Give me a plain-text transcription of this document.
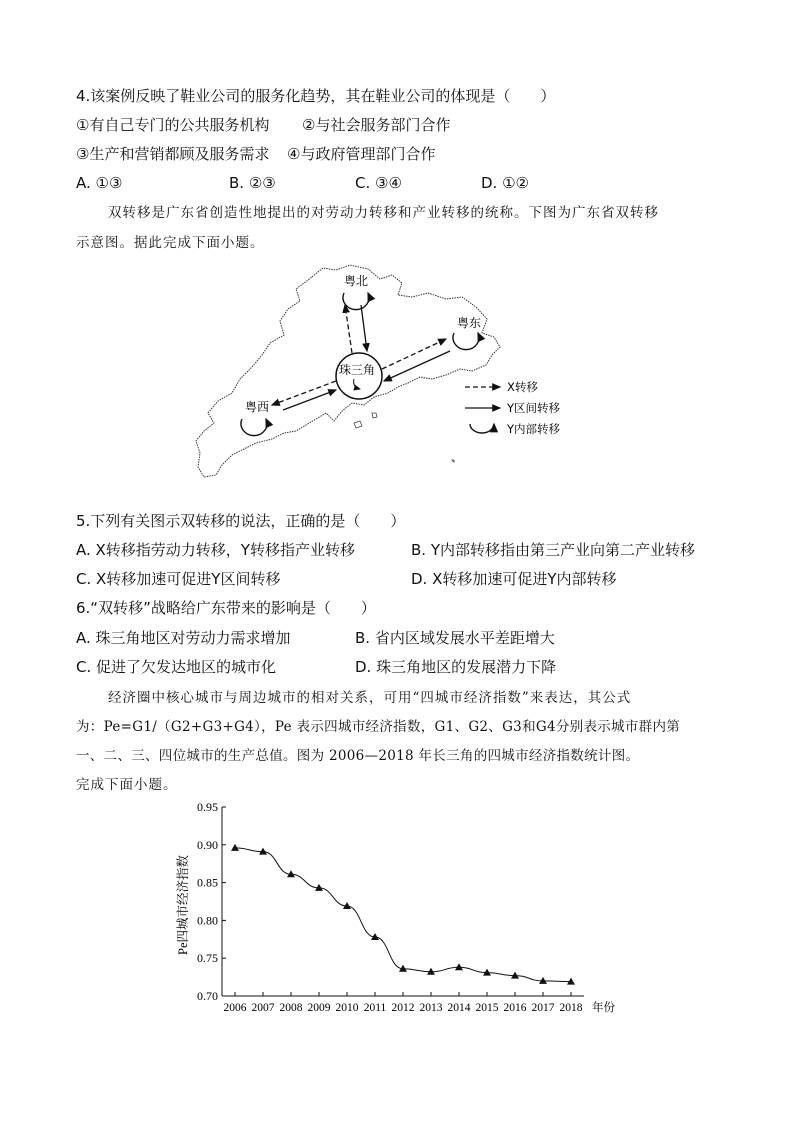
4.该案例反映了鞋业公司的服务化趋势，其在鞋业公司的体现是（　　）
①有自己专门的公共服务机构 ②与社会服务部门合作
③生产和营销都顾及服务需求 ④与政府管理部门合作
A. ①③	B. ②③	C. ③④	D. ①②
双转移是广东省创造性地提出的对劳动力转移和产业转移的统称。下图为广东省双转移
示意图。据此完成下面小题。
粤北
粤东
珠三角
粤西
X转移
Y区间转移
Y内部转移
5.下列有关图示双转移的说法，正确的是（　　）
A. X转移指劳动力转移，Y转移指产业转移	B. Y内部转移指由第三产业向第二产业转移
C. X转移加速可促进Y区间转移	D. X转移加速可促进Y内部转移
6.“双转移”战略给广东带来的影响是（　　）
A. 珠三角地区对劳动力需求增加	B. 省内区域发展水平差距增大
C. 促进了欠发达地区的城市化	D. 珠三角地区的发展潜力下降
经济圈中核心城市与周边城市的相对关系，可用“四城市经济指数”来表达，其公式
为：Pe=G1/（G2+G3+G4），Pe 表示四城市经济指数，G1、G2、G3和G4分别表示城市群内第
一、二、三、四位城市的生产总值。图为 2006—2018 年长三角的四城市经济指数统计图。
完成下面小题。
0.70
0.75
0.80
0.85
0.90
0.95
2006 2007 2008 2009 2010 2011 2012 2013 2014 2015 2016 2017 2018
Pe四城市经济指数
年份
